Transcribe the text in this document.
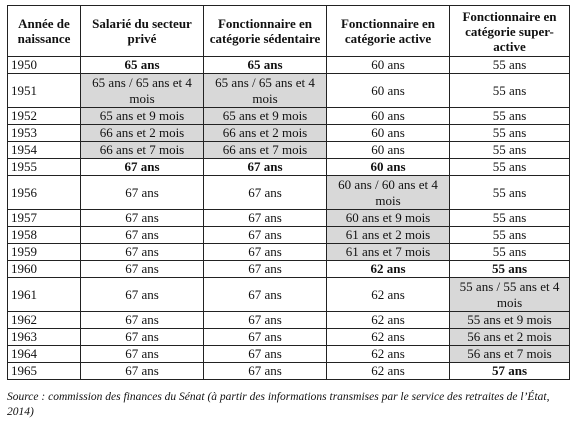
Année de naissance	Salarié du secteur privé	Fonctionnaire en catégorie sédentaire	Fonctionnaire en catégorie active	Fonctionnaire en catégorie super-active
1950	65 ans	65 ans	60 ans	55 ans
1951	65 ans / 65 ans et 4 mois	65 ans / 65 ans et 4 mois	60 ans	55 ans
1952	65 ans et 9 mois	65 ans et 9 mois	60 ans	55 ans
1953	66 ans et 2 mois	66 ans et 2 mois	60 ans	55 ans
1954	66 ans et 7 mois	66 ans et 7 mois	60 ans	55 ans
1955	67 ans	67 ans	60 ans	55 ans
1956	67 ans	67 ans	60 ans / 60 ans et 4 mois	55 ans
1957	67 ans	67 ans	60 ans et 9 mois	55 ans
1958	67 ans	67 ans	61 ans et 2 mois	55 ans
1959	67 ans	67 ans	61 ans et 7 mois	55 ans
1960	67 ans	67 ans	62 ans	55 ans
1961	67 ans	67 ans	62 ans	55 ans / 55 ans et 4 mois
1962	67 ans	67 ans	62 ans	55 ans et 9 mois
1963	67 ans	67 ans	62 ans	56 ans et 2 mois
1964	67 ans	67 ans	62 ans	56 ans et 7 mois
1965	67 ans	67 ans	62 ans	57 ans
Source : commission des finances du Sénat (à partir des informations transmises par le service des retraites de l’État, 2014)
